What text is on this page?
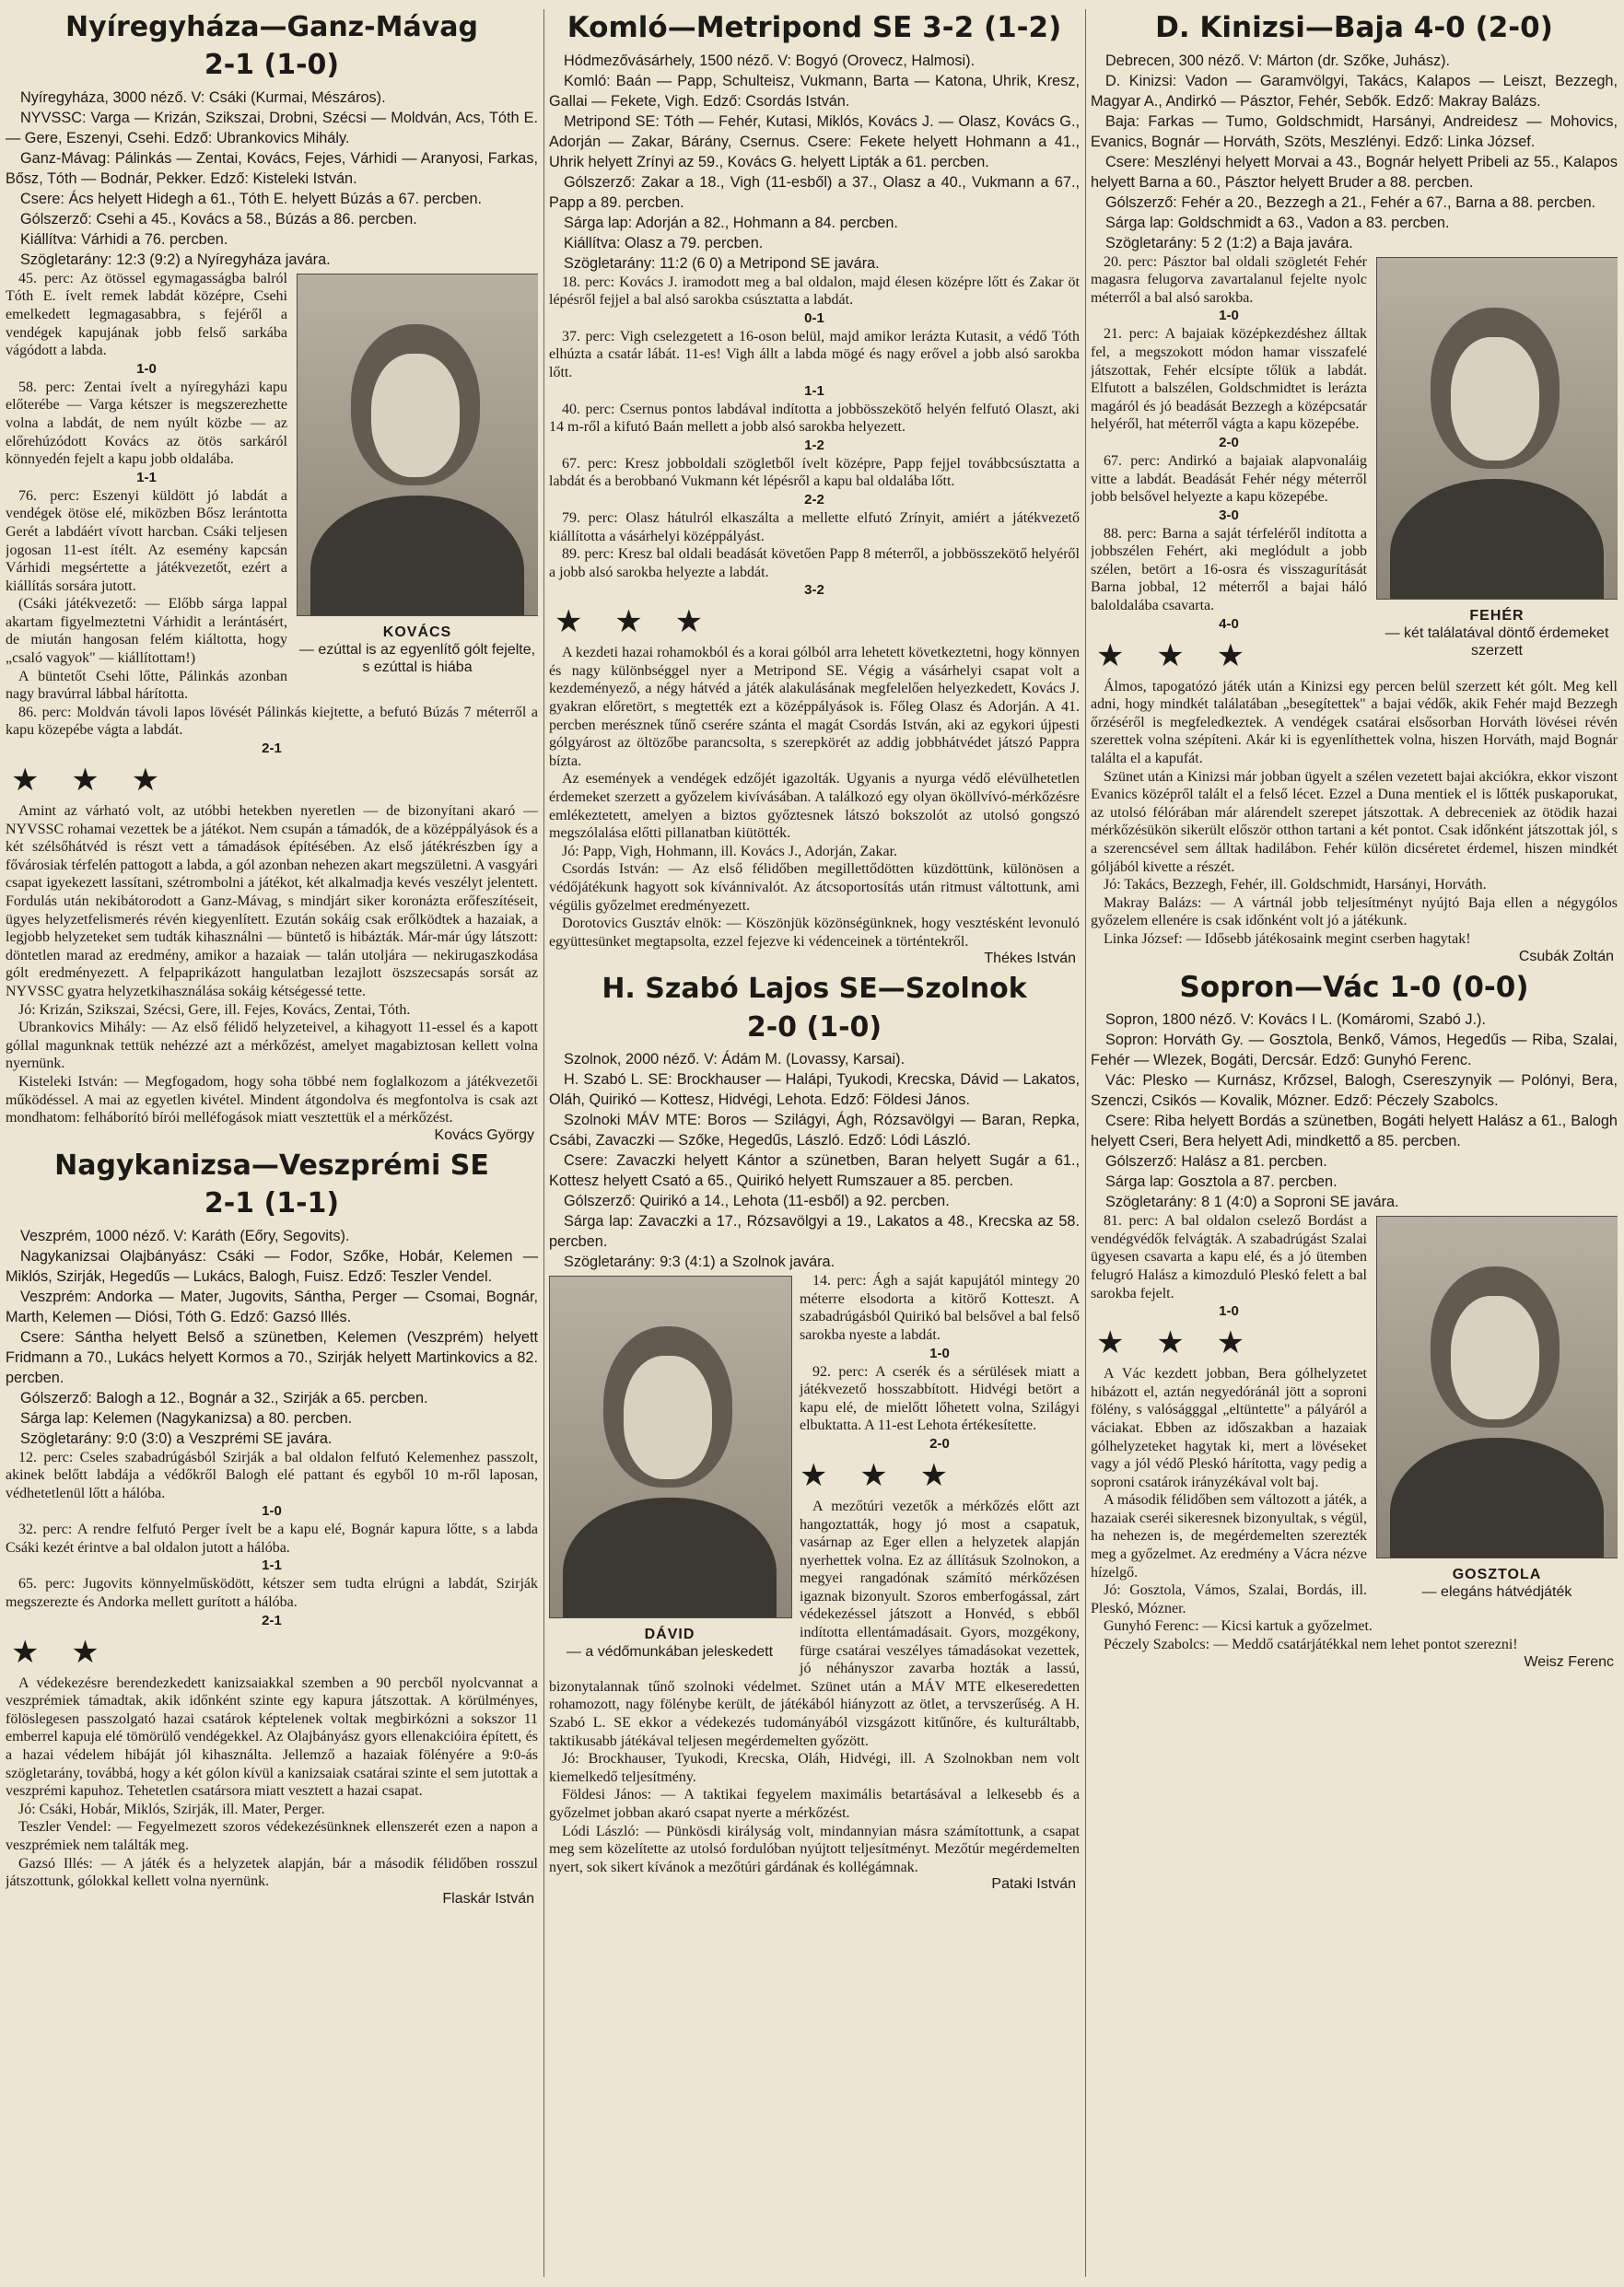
Nyíregyháza—Ganz-Mávag
2-1 (1-0)

Nyíregyháza, 3000 néző. V: Csáki (Kurmai, Mészáros).

NYVSSC: Varga — Krizán, Szikszai, Drobni, Szécsi — Moldván, Acs, Tóth E. — Gere, Eszenyi, Csehi. Edző: Ubrankovics Mihály.

Ganz-Mávag: Pálinkás — Zentai, Kovács, Fejes, Várhidi — Aranyosi, Farkas, Bősz, Tóth — Bodnár, Pekker. Edző: Kisteleki István.

Csere: Ács helyett Hidegh a 61., Tóth E. helyett Búzás a 67. percben.

Gólszerző: Csehi a 45., Kovács a 58., Búzás a 86. percben.

Kiállítva: Várhidi a 76. percben.

Szögletarány: 12:3 (9:2) a Nyíregyháza javára.

KOVÁCS
— ezúttal is az egyenlítő gólt fejelte, s ezúttal is hiába

45. perc: Az ötössel egymagasságba balról Tóth E. ívelt remek labdát középre, Csehi emelkedett legmagasabbra, s fejéről a vendégek kapujának jobb felső sarkába vágódott a labda.

1-0

58. perc: Zentai ívelt a nyíregyházi kapu előterébe — Varga kétszer is megszerezhette volna a labdát, de nem nyúlt közbe — az előrehúzódott Kovács az ötös sarkáról könnyedén fejelt a kapu jobb oldalába.

1-1

76. perc: Eszenyi küldött jó labdát a vendégek ötöse elé, miközben Bősz lerántotta Gerét a labdáért vívott harcban. Csáki teljesen jogosan 11-est ítélt. Az esemény kapcsán Várhidi megsértette a játékvezetőt, ezért a kiállítás sorsára jutott.

(Csáki játékvezető: — Előbb sárga lappal akartam figyelmeztetni Várhidit a lerántásért, de miután hangosan felém kiáltotta, hogy „csaló vagyok" — kiállítottam!)

A büntetőt Csehi lőtte, Pálinkás azonban nagy bravúrral lábbal hárította.

86. perc: Moldván távoli lapos lövését Pálinkás kiejtette, a befutó Búzás 7 méterről a kapu közepébe vágta a labdát.

2-1

★ ★ ★

Amint az várható volt, az utóbbi hetekben nyeretlen — de bizonyítani akaró — NYVSSC rohamai vezettek be a játékot. Nem csupán a támadók, de a középpályások és a két szélsőhátvéd is részt vett a támadások építésében. Az első játékrészben így a fővárosiak térfelén pattogott a labda, a gól azonban nehezen akart megszületni. A vasgyári csapat igyekezett lassítani, szétrombolni a játékot, két alkalmadja kevés veszélyt jelentett. Fordulás után nekibátorodott a Ganz-Mávag, s mindjárt siker koronázta erőfeszítéseit, ügyes helyzetfelismerés révén kiegyenlített. Ezután sokáig csak erőlködtek a hazaiak, a legjobb helyzeteket sem tudták kihasználni — büntető is hibázták. Már-már úgy látszott: döntetlen marad az eredmény, amikor a hazaiak — talán utoljára — nekirugaszkodása gólt eredményezett. A felpaprikázott hangulatban lezajlott öszszecsapás sorsát az NYVSSC gyatra helyzetkihasználása sokáig kétségessé tette.

Jó: Krizán, Szikszai, Szécsi, Gere, ill. Fejes, Kovács, Zentai, Tóth.

Ubrankovics Mihály: — Az első félidő helyzeteivel, a kihagyott 11-essel és a kapott góllal magunknak tettük nehézzé azt a mérkőzést, amelyet magabiztosan kellett volna nyernünk.

Kisteleki István: — Megfogadom, hogy soha többé nem foglalkozom a játékvezetői működéssel. A mai az egyetlen kivétel. Mindent átgondolva és megfontolva is csak azt mondhatom: felháborító bírói melléfogások miatt vesztettük el a mérkőzést.

Kovács György

Nagykanizsa—Veszprémi SE
2-1 (1-1)

Veszprém, 1000 néző. V: Karáth (Eőry, Segovits).

Nagykanizsai Olajbányász: Csáki — Fodor, Szőke, Hobár, Kelemen — Miklós, Szirják, Hegedűs — Lukács, Balogh, Fuisz. Edző: Teszler Vendel.

Veszprém: Andorka — Mater, Jugovits, Sántha, Perger — Csomai, Bognár, Marth, Kelemen — Diósi, Tóth G. Edző: Gazsó Illés.

Csere: Sántha helyett Belső a szünetben, Kelemen (Veszprém) helyett Fridmann a 70., Lukács helyett Kormos a 70., Szirják helyett Martinkovics a 82. percben.

Gólszerző: Balogh a 12., Bognár a 32., Szirják a 65. percben.

Sárga lap: Kelemen (Nagykanizsa) a 80. percben.

Szögletarány: 9:0 (3:0) a Veszprémi SE javára.

12. perc: Cseles szabadrúgásból Szirják a bal oldalon felfutó Kelemenhez passzolt, akinek belőtt labdája a védőkről Balogh elé pattant és egyből 10 m-ről laposan, védhetetlenül lőtt a hálóba.

1-0

32. perc: A rendre felfutó Perger ívelt be a kapu elé, Bognár kapura lőtte, s a labda Csáki kezét érintve a bal oldalon jutott a hálóba.

1-1

65. perc: Jugovits könnyelműsködött, kétszer sem tudta elrúgni a labdát, Szirják megszerezte és Andorka mellett gurított a hálóba.

2-1

★ ★

A védekezésre berendezkedett kanizsaiakkal szemben a 90 percből nyolcvannat a veszprémiek támadtak, akik időnként szinte egy kapura játszottak. A körülményes, fölöslegesen passzolgató hazai csatárok képtelenek voltak megbirkózni a sokszor 11 emberrel kapuja elé tömörülő vendégekkel. Az Olajbányász gyors ellenakcióira épített, és a hazai védelem hibáját jól kihasználta. Jellemző a hazaiak fölényére a 9:0-ás szögletarány, továbbá, hogy a két gólon kívül a kanizsaiak csatárai szinte el sem jutottak a veszprémi kapuhoz. Tehetetlen csatársora miatt vesztett a hazai csapat.

Jó: Csáki, Hobár, Miklós, Szirják, ill. Mater, Perger.

Teszler Vendel: — Fegyelmezett szoros védekezésünknek ellenszerét ezen a napon a veszprémiek nem találták meg.

Gazsó Illés: — A játék és a helyzetek alapján, bár a második félidőben rosszul játszottunk, gólokkal kellett volna nyernünk.

Flaskár István

Komló—Metripond SE 3-2 (1-2)

Hódmezővásárhely, 1500 néző. V: Bogyó (Orovecz, Halmosi).

Komló: Baán — Papp, Schulteisz, Vukmann, Barta — Katona, Uhrik, Kresz, Gallai — Fekete, Vigh. Edző: Csordás István.

Metripond SE: Tóth — Fehér, Kutasi, Miklós, Kovács J. — Olasz, Kovács G., Adorján — Zakar, Bárány, Csernus. Csere: Fekete helyett Hohmann a 41., Uhrik helyett Zrínyi az 59., Kovács G. helyett Lipták a 61. percben.

Gólszerző: Zakar a 18., Vigh (11-esből) a 37., Olasz a 40., Vukmann a 67., Papp a 89. percben.

Sárga lap: Adorján a 82., Hohmann a 84. percben.

Kiállítva: Olasz a 79. percben.

Szögletarány: 11:2 (6 0) a Metripond SE javára.

18. perc: Kovács J. iramodott meg a bal oldalon, majd élesen középre lőtt és Zakar öt lépésről fejjel a bal alsó sarokba csúsztatta a labdát.

0-1

37. perc: Vigh cselezgetett a 16-oson belül, majd amikor lerázta Kutasit, a védő Tóth elhúzta a csatár lábát. 11-es! Vigh állt a labda mögé és nagy erővel a jobb alsó sarokba lőtt.

1-1

40. perc: Csernus pontos labdával indította a jobbösszekötő helyén felfutó Olaszt, aki 14 m-ről a kifutó Baán mellett a jobb alsó sarokba helyezett.

1-2

67. perc: Kresz jobboldali szögletből ívelt középre, Papp fejjel továbbcsúsztatta a labdát és a berobbanó Vukmann két lépésről a kapu bal oldalába lőtt.

2-2

79. perc: Olasz hátulról elkaszálta a mellette elfutó Zrínyit, amiért a játékvezető kiállította a vásárhelyi középpályást.

89. perc: Kresz bal oldali beadását követően Papp 8 méterről, a jobbösszekötő helyéről a jobb alsó sarokba helyezte a labdát.

3-2

★ ★ ★

A kezdeti hazai rohamokból és a korai gólból arra lehetett következtetni, hogy könnyen és nagy különbséggel nyer a Metripond SE. Végig a vásárhelyi csapat volt a kezdeményező, a négy hátvéd a játék alakulásának megfelelően helyezkedett, Kovács J. gyakran előretört, s megtették ezt a középpályások is. Főleg Olasz és Adorján. A 41. percben merésznek tűnő cserére szánta el magát Csordás István, aki az egykori újpesti gólgyárost az öltözőbe parancsolta, s szerepkörét az addig jobbhátvédet játszó Pappra bízta.

Az események a vendégek edzőjét igazolták. Ugyanis a nyurga védő elévülhetetlen érdemeket szerzett a győzelem kivívásában. A találkozó egy olyan ököllvívó-mérkőzésre emlékeztetett, amelyen a biztos győztesnek látszó bokszolót az utolsó gongszó megszólalása előtti pillanatban kiütötték.

Jó: Papp, Vigh, Hohmann, ill. Kovács J., Adorján, Zakar.

Csordás István: — Az első félidőben megillettődötten küzdöttünk, különösen a védőjátékunk hagyott sok kívánnivalót. Az átcsoportosítás után ritmust váltottunk, ami végülis győzelmet eredményezett.

Dorotovics Gusztáv elnök: — Köszönjük közönségünknek, hogy vesztésként levonuló együttesünket megtapsolta, ezzel fejezve ki védenceinek a történtekről.

Thékes István

H. Szabó Lajos SE—Szolnok
2-0 (1-0)

Szolnok, 2000 néző. V: Ádám M. (Lovassy, Karsai).

H. Szabó L. SE: Brockhauser — Halápi, Tyukodi, Krecska, Dávid — Lakatos, Oláh, Quirikó — Kottesz, Hidvégi, Lehota. Edző: Földesi János.

Szolnoki MÁV MTE: Boros — Szilágyi, Ágh, Rózsavölgyi — Baran, Repka, Csábi, Zavaczki — Szőke, Hegedűs, László. Edző: Lódi László.

Csere: Zavaczki helyett Kántor a szünetben, Baran helyett Sugár a 61., Kottesz helyett Csató a 65., Quirikó helyett Rumszauer a 85. percben.

Gólszerző: Quirikó a 14., Lehota (11-esből) a 92. percben.

Sárga lap: Zavaczki a 17., Rózsavölgyi a 19., Lakatos a 48., Krecska az 58. percben.

Szögletarány: 9:3 (4:1) a Szolnok javára.

DÁVID
— a védőmunkában jeleskedett

14. perc: Ágh a saját kapujától mintegy 20 méterre elsodorta a kitörő Kotteszt. A szabadrúgásból Quirikó bal belsővel a bal felső sarokba nyeste a labdát.

1-0

92. perc: A cserék és a sérülések miatt a játékvezető hosszabbított. Hidvégi betört a kapu elé, de mielőtt lőhetett volna, Szilágyi elbuktatta. A 11-est Lehota értékesítette.

2-0

★ ★ ★

A mezőtúri vezetők a mérkőzés előtt azt hangoztatták, hogy jó most a csapatuk, vasárnap az Eger ellen a helyzetek alapján nyerhettek volna. Ez az állításuk Szolnokon, a megyei rangadónak számító mérkőzésen igaznak bizonyult. Szoros emberfogással, zárt védekezéssel játszott a Honvéd, s ebből indította ellentámadásait. Gyors, mozgékony, fürge csatárai veszélyes támadásokat vezettek, jó néhányszor zavarba hozták a lassú, bizonytalannak tűnő szolnoki védelmet. Szünet után a MÁV MTE elkeseredetten rohamozott, nagy fölénybe került, de játékából hiányzott az ötlet, a tervszerűség. A H. Szabó L. SE ekkor a védekezés tudományából vizsgázott kitűnőre, és kulturáltabb, taktikusabb játékával teljesen megérdemelten győzött.

Jó: Brockhauser, Tyukodi, Krecska, Oláh, Hidvégi, ill. A Szolnokban nem volt kiemelkedő teljesítmény.

Földesi János: — A taktikai fegyelem maximális betartásával a lelkesebb és a győzelmet jobban akaró csapat nyerte a mérkőzést.

Lódi László: — Pünkösdi királyság volt, mindannyian másra számítottunk, a csapat meg sem közelítette az utolsó fordulóban nyújtott teljesítményt. Mezőtúr megérdemelten nyert, sok sikert kívánok a mezőtúri gárdának és kollégámnak.

Pataki István

D. Kinizsi—Baja 4-0 (2-0)

Debrecen, 300 néző. V: Márton (dr. Szőke, Juhász).

D. Kinizsi: Vadon — Garamvölgyi, Takács, Kalapos — Leiszt, Bezzegh, Magyar A., Andirkó — Pásztor, Fehér, Sebők. Edző: Makray Balázs.

Baja: Farkas — Tumo, Goldschmidt, Harsányi, Andreidesz — Mohovics, Evanics, Bognár — Horváth, Szöts, Meszlényi. Edző: Linka József.

Csere: Meszlényi helyett Morvai a 43., Bognár helyett Pribeli az 55., Kalapos helyett Barna a 60., Pásztor helyett Bruder a 88. percben.

Gólszerző: Fehér a 20., Bezzegh a 21., Fehér a 67., Barna a 88. percben.

Sárga lap: Goldschmidt a 63., Vadon a 83. percben.

Szögletarány: 5 2 (1:2) a Baja javára.

FEHÉR
— két találatával döntő érdemeket szerzett

20. perc: Pásztor bal oldali szögletét Fehér magasra felugorva zavartalanul fejelte nyolc méterről a bal alsó sarokba.

1-0

21. perc: A bajaiak középkezdéshez álltak fel, a megszokott módon hamar visszafelé játszottak, Fehér elcsípte tőlük a labdát. Elfutott a balszélen, Goldschmidtet is lerázta magáról és jó beadását Bezzegh a középcsatár helyéről, hat méterről vágta a kapu közepébe.

2-0

67. perc: Andirkó a bajaiak alapvonaláig vitte a labdát. Beadását Fehér négy méterről jobb belsővel helyezte a kapu közepébe.

3-0

88. perc: Barna a saját térfeléről indította a jobbszélen Fehért, aki meglódult a jobb szélen, betört a 16-osra és visszagurítását Barna jobbal, 12 méterről a bajai háló baloldalába csavarta.

4-0

★ ★ ★

Álmos, tapogatózó játék után a Kinizsi egy percen belül szerzett két gólt. Meg kell adni, hogy mindkét találatában „besegítettek" a bajai védők, akik Fehér majd Bezzegh őrzéséről is megfeledkeztek. A vendégek csatárai elsősorban Horváth lövései révén szerettek volna szépíteni. Akár ki is egyenlíthettek volna, hiszen Horváth, majd Bognár találta el a kapufát.

Szünet után a Kinizsi már jobban ügyelt a szélen vezetett bajai akciókra, ekkor viszont Evanics középről talált el a felső lécet. Ezzel a Duna mentiek el is lőtték puskaporukat, az utolsó félórában már alárendelt szerepet játszottak. A debreceniek az ötödik hazai mérkőzésükön sikerült először otthon tartani a két pontot. Csak időnként játszottak jól, s a szerencsével sem álltak hadilábon. Fehér külön dicséretet érdemel, hiszen mindkét góljából kivette a részét.

Jó: Takács, Bezzegh, Fehér, ill. Goldschmidt, Harsányi, Horváth.

Makray Balázs: — A vártnál jobb teljesítményt nyújtó Baja ellen a négygólos győzelem ellenére is csak időnként volt jó a játékunk.

Linka József: — Idősebb játékosaink megint cserben hagytak!

Csubák Zoltán

Sopron—Vác 1-0 (0-0)

Sopron, 1800 néző. V: Kovács I L. (Komáromi, Szabó J.).

Sopron: Horváth Gy. — Gosztola, Benkő, Vámos, Hegedűs — Riba, Szalai, Fehér — Wlezek, Bogáti, Dercsár. Edző: Gunyhó Ferenc.

Vác: Plesko — Kurnász, Krőzsel, Balogh, Csereszynyik — Polónyi, Bera, Szenczi, Csikós — Kovalik, Mózner. Edző: Péczely Szabolcs.

Csere: Riba helyett Bordás a szünetben, Bogáti helyett Halász a 61., Balogh helyett Cseri, Bera helyett Adi, mindkettő a 85. percben.

Gólszerző: Halász a 81. percben.

Sárga lap: Gosztola a 87. percben.

Szögletarány: 8 1 (4:0) a Soproni SE javára.

GOSZTOLA
— elegáns hátvédjáték

81. perc: A bal oldalon cselező Bordást a vendégvédők felvágták. A szabadrúgást Szalai ügyesen csavarta a kapu elé, és a jó ütemben felugró Halász a kimozduló Pleskó felett a bal sarokba fejelt.

1-0

★ ★ ★

A Vác kezdett jobban, Bera gólhelyzetet hibázott el, aztán negyedóránál jött a soproni fölény, s valóságggal „eltüntette" a pályáról a váciakat. Ebben az időszakban a hazaiak gólhelyzeteket hagytak ki, mert a lövéseket vagy a jól védő Pleskó hárította, vagy pedig a soproni csatárok irányzékával volt baj.

A második félidőben sem változott a játék, a hazaiak cseréi sikeresnek bizonyultak, s végül, ha nehezen is, de megérdemelten szerezték meg a győzelmet. Az eredmény a Vácra nézve hízelgő.

Jó: Gosztola, Vámos, Szalai, Bordás, ill. Pleskó, Mózner.

Gunyhó Ferenc: — Kicsi kartuk a győzelmet.

Péczely Szabolcs: — Meddő csatárjátékkal nem lehet pontot szerezni!

Weisz Ferenc
